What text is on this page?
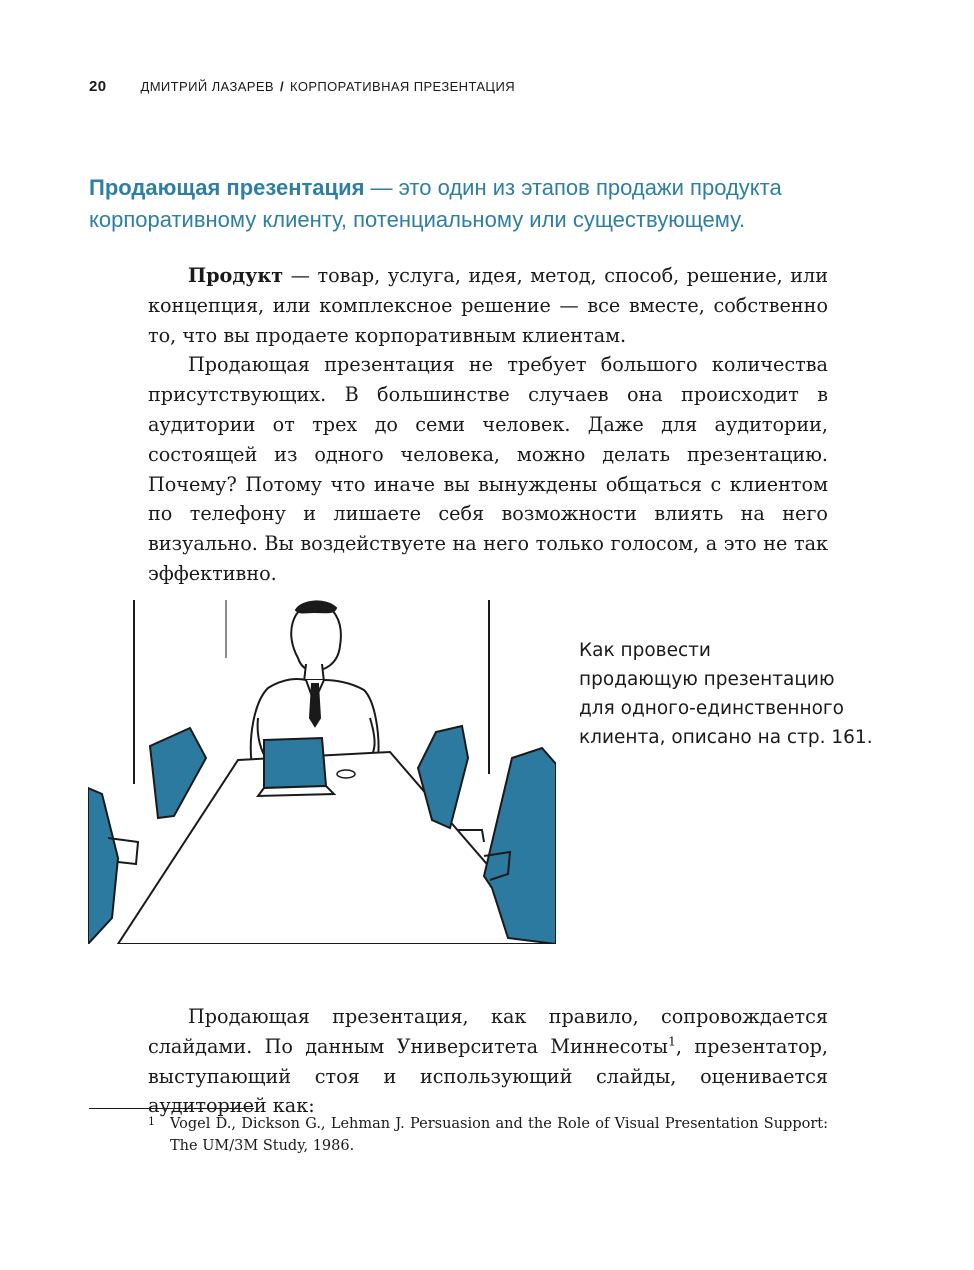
20	ДМИТРИЙ ЛАЗАРЕВ / КОРПОРАТИВНАЯ ПРЕЗЕНТАЦИЯ
Продающая презентация — это один из этапов продажи продукта корпоративному клиенту, потенциальному или существующему.

Продукт — товар, услуга, идея, метод, способ, решение, или концепция, или комплексное решение — все вместе, собственно то, что вы продаете корпоративным клиентам.

Продающая презентация не требует большого количества присутствующих. В большинстве случаев она происходит в аудитории от трех до семи человек. Даже для аудитории, состоящей из одного человека, можно делать презентацию. Почему? Потому что иначе вы вынуждены общаться с клиентом по телефону и лишаете себя возможности влиять на него визуально. Вы воздействуете на него только голосом, а это не так эффективно.

Как провести
продающую презентацию
для одного-единственного
клиента, описано на стр. 161.

Продающая презентация, как правило, сопровождается слайдами. По данным Университета Миннесоты$^1$, презентатор, выступающий стоя и использующий слайды, оценивается аудиторией как:

1	Vogel D., Dickson G., Lehman J. Persuasion and the Role of Visual Presentation Support: The UM/3M Study, 1986.
